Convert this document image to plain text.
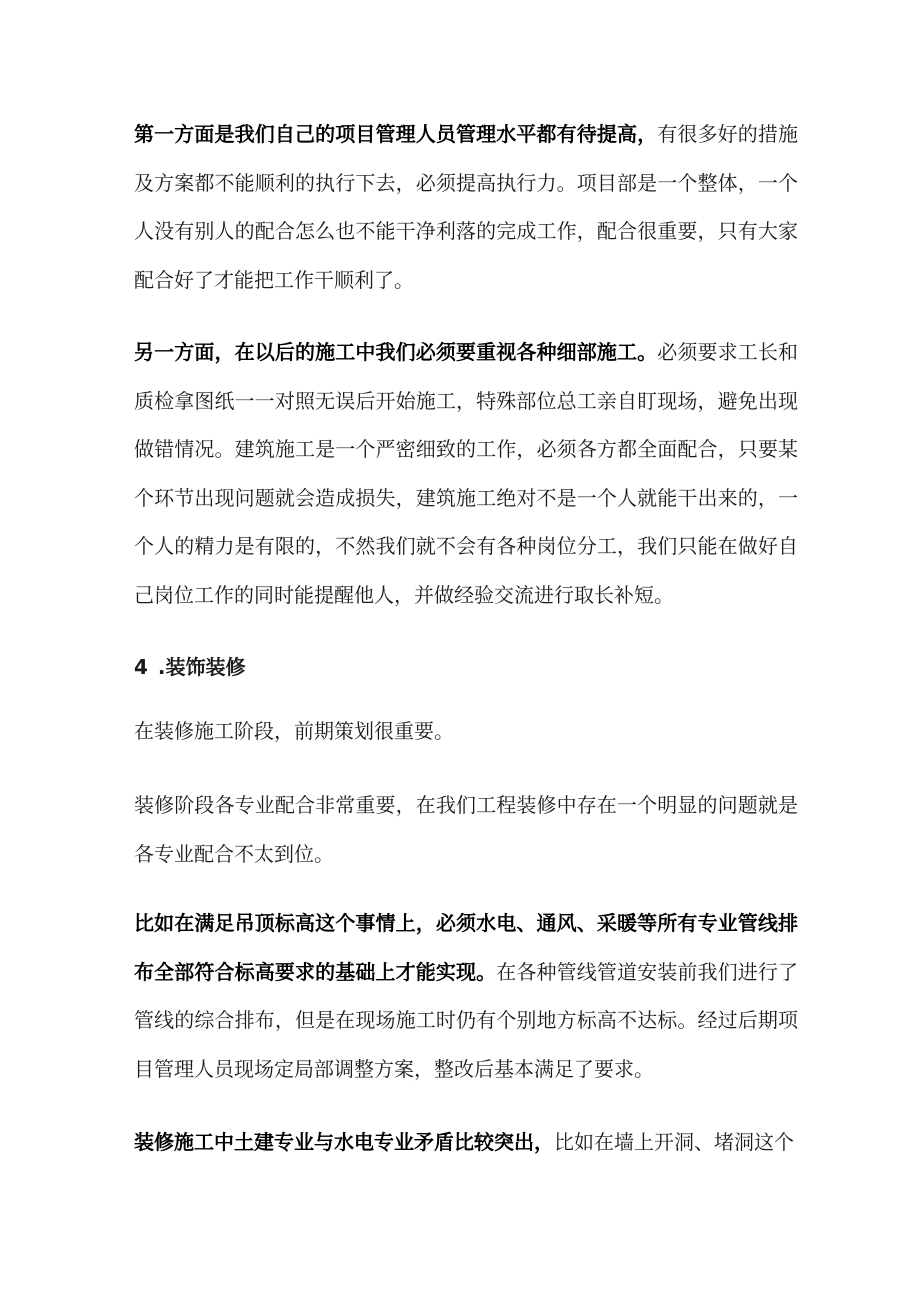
第一方面是我们自己的项目管理人员管理水平都有待提高，有很多好的措施及方案都不能顺利的执行下去，必须提高执行力。项目部是一个整体，一个人没有别人的配合怎么也不能干净利落的完成工作，配合很重要，只有大家配合好了才能把工作干顺利了。

另一方面，在以后的施工中我们必须要重视各种细部施工。必须要求工长和质检拿图纸一一对照无误后开始施工，特殊部位总工亲自盯现场，避免出现做错情况。建筑施工是一个严密细致的工作，必须各方都全面配合，只要某个环节出现问题就会造成损失，建筑施工绝对不是一个人就能干出来的，一个人的精力是有限的，不然我们就不会有各种岗位分工，我们只能在做好自己岗位工作的同时能提醒他人，并做经验交流进行取长补短。

4 .装饰装修

在装修施工阶段，前期策划很重要。

装修阶段各专业配合非常重要，在我们工程装修中存在一个明显的问题就是各专业配合不太到位。

比如在满足吊顶标高这个事情上，必须水电、通风、采暖等所有专业管线排布全部符合标高要求的基础上才能实现。在各种管线管道安装前我们进行了管线的综合排布，但是在现场施工时仍有个别地方标高不达标。经过后期项目管理人员现场定局部调整方案，整改后基本满足了要求。

装修施工中土建专业与水电专业矛盾比较突出，比如在墙上开洞、堵洞这个
